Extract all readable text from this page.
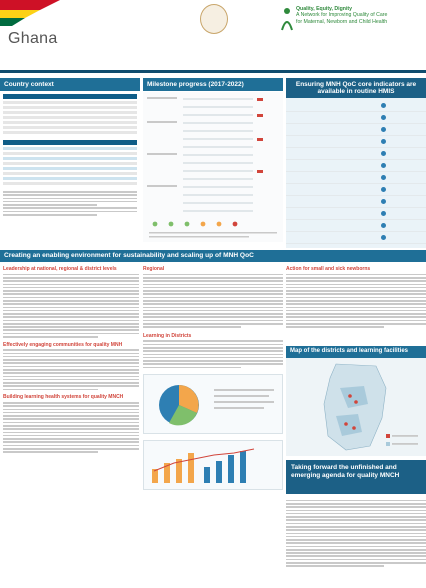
Ghana
Quality, Equity, Dignity
A Network for Improving Quality of Care
for Maternal, Newborn and Child Health
Country context	Milestone progress (2017-2022)	Ensuring MNH QoC core indicators are available in routine HMIS
Creating an enabling environment for sustainability and scaling up of MNH QoC
Leadership at national, regional & district levels
Effectively engaging communities for quality MNH
Building learning health systems for quality MNCH
Regional
Learning in Districts
Action for small and sick newborns
Map of the districts and learning facilities
Taking forward the unfinished and emerging agenda for quality MNCH
